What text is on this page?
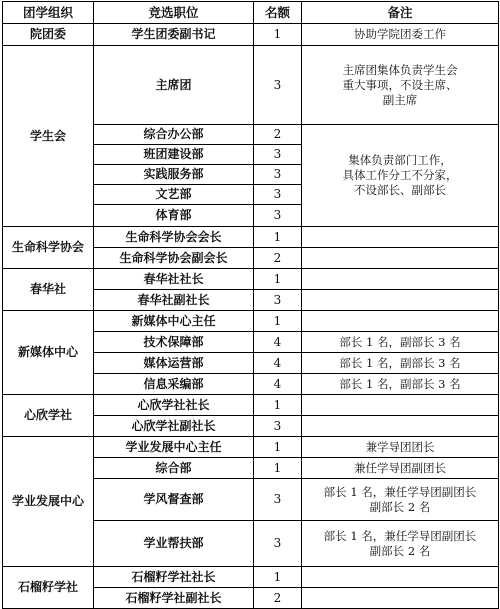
团学组织	竞选职位	名额	备注
院团委	学生团委副书记	1	协助学院团委工作
学生会	主席团	3	主席团集体负责学生会
重大事项，不设主席、
副主席

	综合办公部	2	集体负责部门工作，
具体工作分工不分家，
不设部长、副部长

	班团建设部	3	
	实践服务部	3	
	文艺部	3	
	体育部	3	
生命科学协会	生命科学协会会长	1	
	生命科学协会副会长	2	
春华社	春华社社长	1	
	春华社副社长	3	
新媒体中心	新媒体中心主任	1	
	技术保障部	4	部长 1 名，副部长 3 名
	媒体运营部	4	部长 1 名，副部长 3 名
	信息采编部	4	部长 1 名，副部长 3 名
心欣学社	心欣学社社长	1	
	心欣学社副社长	3	
学业发展中心	学业发展中心主任	1	兼学导团团长
	综合部	1	兼任学导团副团长
	学风督查部	3	部长 1 名，兼任学导团副团长
副部长 2 名

	学业帮扶部	3	部长 1 名，兼任学导团副团长
副部长 2 名

石榴籽学社	石榴籽学社社长	1	
	石榴籽学社副社长	2	
